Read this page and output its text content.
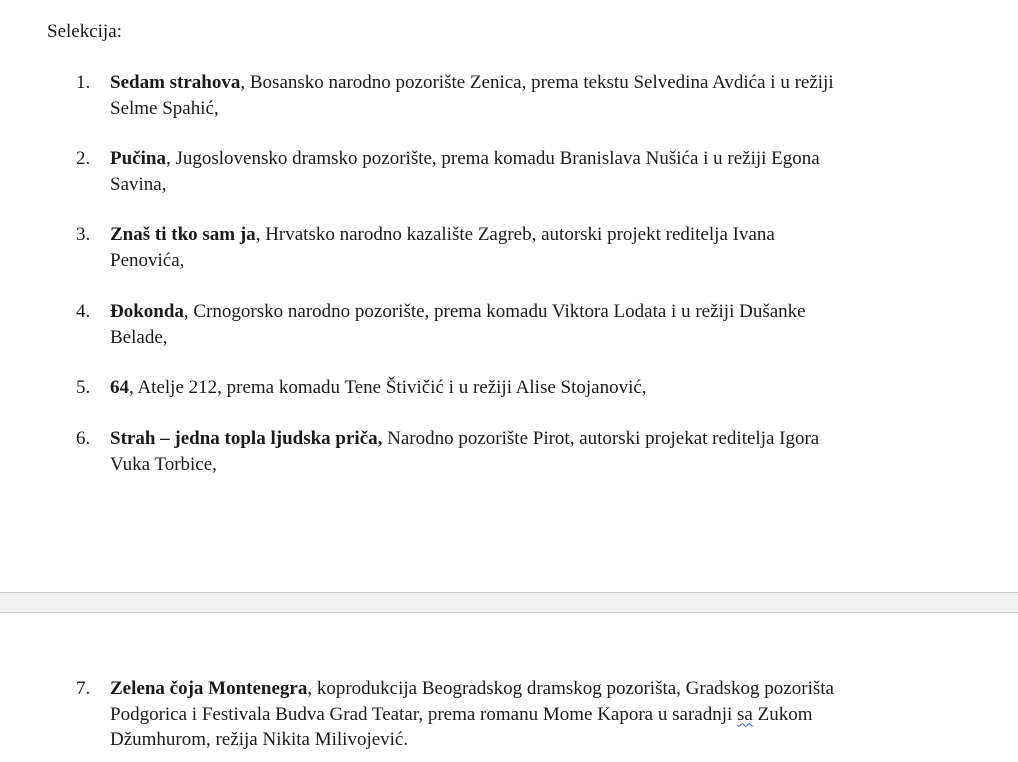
Selekcija:
1.	Sedam strahova, Bosansko narodno pozorište Zenica, prema tekstu Selvedina Avdića i u režiji
Selme Spahić,
2.	Pučina, Jugoslovensko dramsko pozorište, prema komadu Branislava Nušića i u režiji Egona
Savina,
3.	Znaš ti tko sam ja, Hrvatsko narodno kazalište Zagreb, autorski projekt reditelja Ivana
Penovića,
4.	Đokonda, Crnogorsko narodno pozorište, prema komadu Viktora Lodata i u režiji Dušanke
Belade,
5.	64, Atelje 212, prema komadu Tene Štivičić i u režiji Alise Stojanović,
6.	Strah – jedna topla ljudska priča, Narodno pozorište Pirot, autorski projekat reditelja Igora
Vuka Torbice,
7.	Zelena čoja Montenegra, koprodukcija Beogradskog dramskog pozorišta, Gradskog pozorišta
Podgorica i Festivala Budva Grad Teatar, prema romanu Mome Kapora u saradnji sa Zukom
Džumhurom, režija Nikita Milivojević.
